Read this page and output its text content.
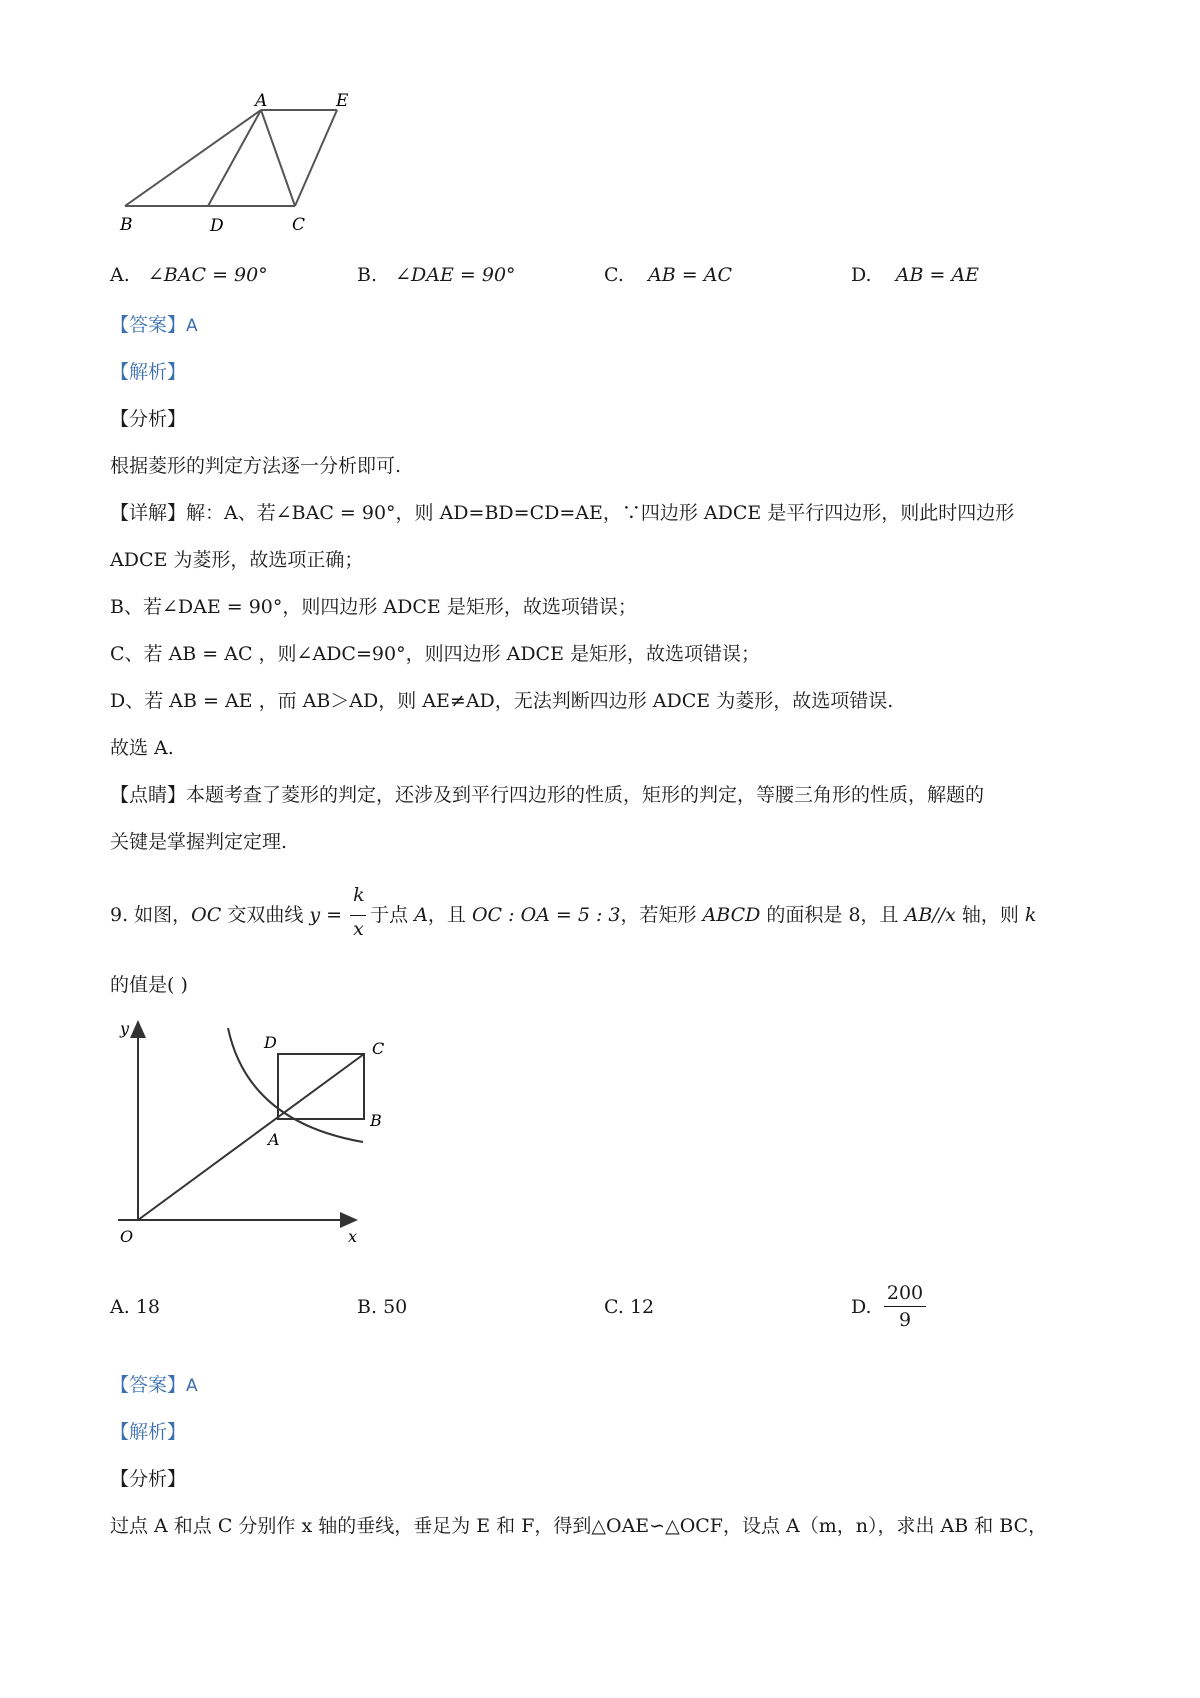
A	E
B	D	C
A. ∠BAC = 90°	B. ∠DAE = 90°	C. AB = AC	D. AB = AE
【答案】A
【解析】
【分析】
根据菱形的判定方法逐一分析即可.
【详解】解：A、若∠BAC = 90°，则 AD=BD=CD=AE，∵四边形 ADCE 是平行四边形，则此时四边形
ADCE 为菱形，故选项正确；
B、若∠DAE = 90°，则四边形 ADCE 是矩形，故选项错误；
C、若 AB = AC ，则∠ADC=90°，则四边形 ADCE 是矩形，故选项错误；
D、若 AB = AE ，而 AB＞AD，则 AE≠AD，无法判断四边形 ADCE 为菱形，故选项错误.
故选 A.
【点睛】本题考查了菱形的判定，还涉及到平行四边形的性质，矩形的判定，等腰三角形的性质，解题的
关键是掌握判定定理.
9. 如图，OC 交双曲线 $y = \frac{k}{x}$ 于点 A，且 OC : OA = 5 : 3，若矩形 ABCD 的面积是 8，且 AB//x 轴，则 k
的值是( )
y
x
O
D	C
B
A
A. 18	B. 50	C. 12	D.
200
9
【答案】A
【解析】
【分析】
过点 A 和点 C 分别作 x 轴的垂线，垂足为 E 和 F，得到△OAE∽△OCF，设点 A（m，n），求出 AB 和 BC，
